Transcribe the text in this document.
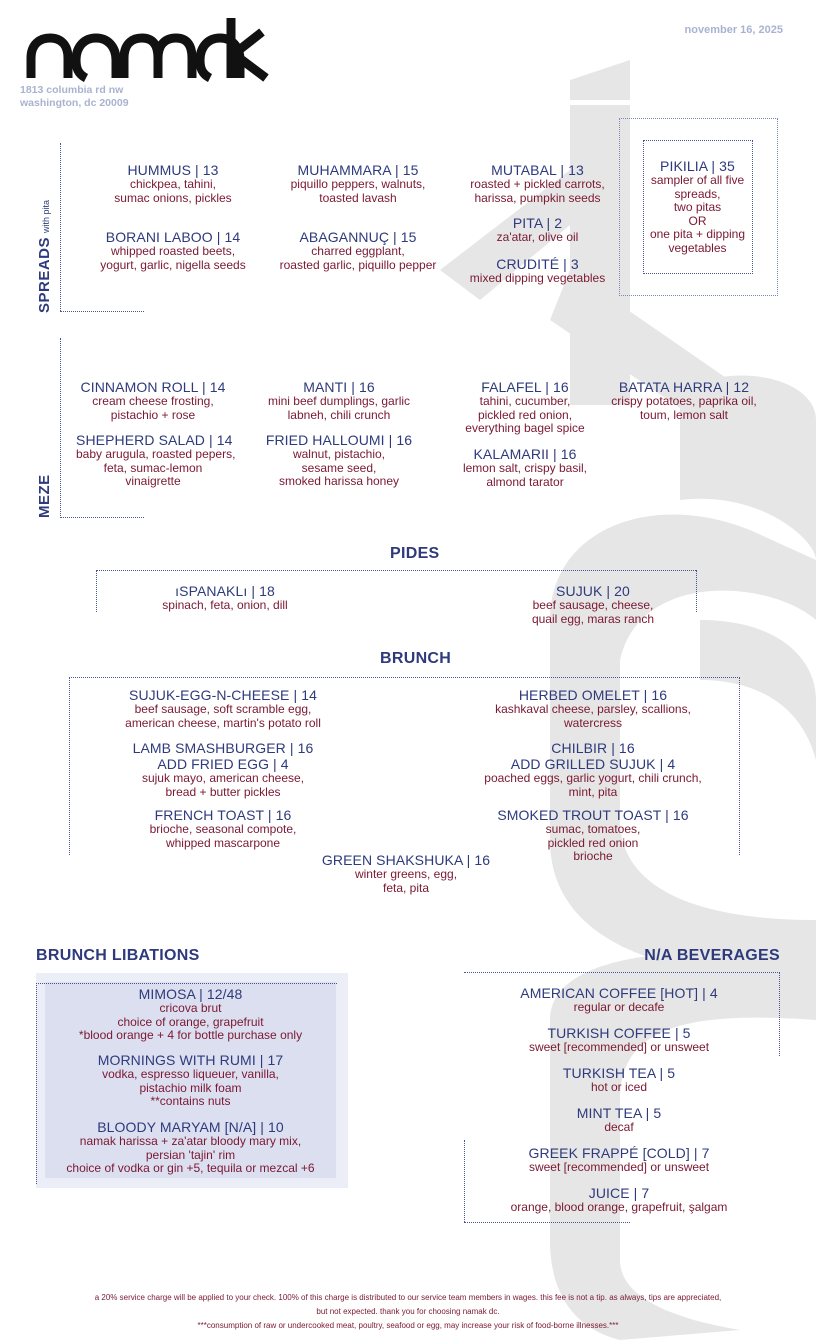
november 16, 2025
1813 columbia rd nw
washington, dc 20009
SPREADSwith pita
HUMMUS | 13
chickpea, tahini,
sumac onions, pickles
MUHAMMARA | 15
piquillo peppers, walnuts,
toasted lavash
MUTABAL | 13
roasted + pickled carrots,
harissa, pumpkin seeds
BORANI LABOO | 14
whipped roasted beets,
yogurt, garlic, nigella seeds
ABAGANNUÇ | 15
charred eggplant,
roasted garlic, piquillo pepper
PITA | 2
za'atar, olive oil
CRUDITÉ | 3
mixed dipping vegetables
PIKILIA | 35
sampler of all five
spreads,
two pitas
OR
one pita + dipping
vegetables
MEZE
CINNAMON ROLL | 14
cream cheese frosting,
pistachio + rose
MANTI | 16
mini beef dumplings, garlic
labneh, chili crunch
FALAFEL | 16
tahini, cucumber,
pickled red onion,
everything bagel spice
BATATA HARRA | 12
crispy potatoes, paprika oil,
toum, lemon salt
SHEPHERD SALAD | 14
baby arugula, roasted pepers,
feta, sumac-lemon
vinaigrette
FRIED HALLOUMI | 16
walnut, pistachio,
sesame seed,
smoked harissa honey
KALAMARII | 16
lemon salt, crispy basil,
almond tarator
PIDES
ıSPANAKLı | 18
spinach, feta, onion, dill
SUJUK | 20
beef sausage, cheese,
quail egg, maras ranch
BRUNCH
SUJUK-EGG-N-CHEESE | 14
beef sausage, soft scramble egg,
american cheese, martin's potato roll
HERBED OMELET | 16
kashkaval cheese, parsley, scallions,
watercress
LAMB SMASHBURGER | 16
ADD FRIED EGG | 4
sujuk mayo, american cheese,
bread + butter pickles
CHILBIR | 16
ADD GRILLED SUJUK | 4
poached eggs, garlic yogurt, chili crunch,
mint, pita
FRENCH TOAST | 16
brioche, seasonal compote,
whipped mascarpone
SMOKED TROUT TOAST | 16
sumac, tomatoes,
pickled red onion
brioche
GREEN SHAKSHUKA | 16
winter greens, egg,
feta, pita
BRUNCH LIBATIONS
MIMOSA | 12/48
cricova brut
choice of orange, grapefruit
*blood orange + 4 for bottle purchase only
MORNINGS WITH RUMI | 17
vodka, espresso liqueuer, vanilla,
pistachio milk foam
**contains nuts
BLOODY MARYAM [N/A] | 10
namak harissa + za'atar bloody mary mix,
persian 'tajin' rim
choice of vodka or gin +5, tequila or mezcal +6
N/A BEVERAGES
AMERICAN COFFEE [HOT] | 4
regular or decafe
TURKISH COFFEE | 5
sweet [recommended] or unsweet
TURKISH TEA | 5
hot or iced
MINT TEA | 5
decaf
GREEK FRAPPÉ [COLD] | 7
sweet [recommended] or unsweet
JUICE | 7
orange, blood orange, grapefruit, şalgam
a 20% service charge will be applied to your check. 100% of this charge is distributed to our service team members in wages. this fee is not a tip. as always, tips are appreciated,
but not expected. thank you for choosing namak dc.
***consumption of raw or undercooked meat, poultry, seafood or egg, may increase your risk of food-borne illnesses.***
